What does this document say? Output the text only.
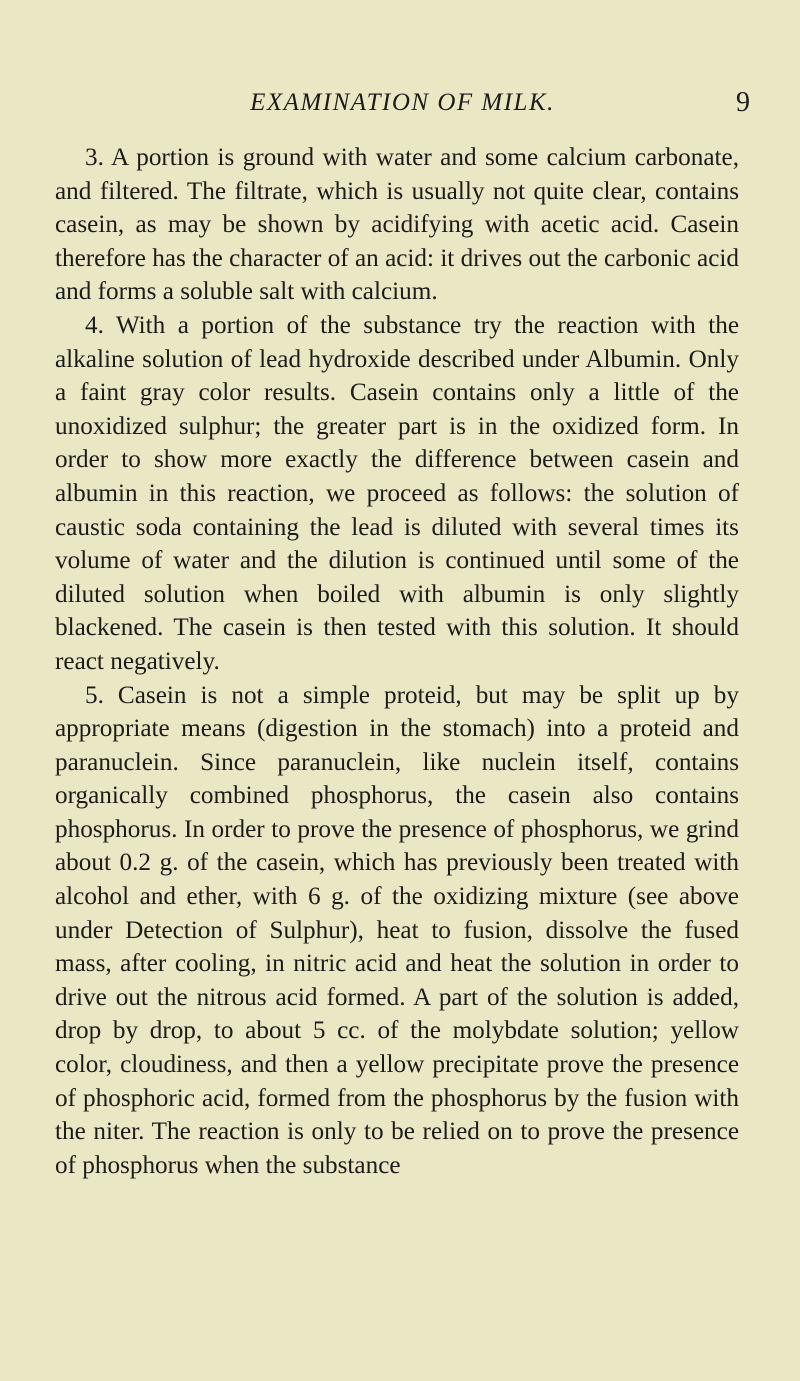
EXAMINATION OF MILK.	9

3. A portion is ground with water and some calcium carbonate, and filtered. The filtrate, which is usually not quite clear, contains casein, as may be shown by acidifying with acetic acid. Casein therefore has the character of an acid: it drives out the carbonic acid and forms a soluble salt with calcium.

4. With a portion of the substance try the reaction with the alkaline solution of lead hydroxide described under Albumin. Only a faint gray color results. Casein contains only a little of the unoxidized sulphur; the greater part is in the oxidized form. In order to show more exactly the difference between casein and albumin in this reaction, we proceed as follows: the solution of caustic soda containing the lead is diluted with several times its volume of water and the dilution is continued until some of the diluted solution when boiled with albumin is only slightly blackened. The casein is then tested with this solution. It should react negatively.

5. Casein is not a simple proteid, but may be split up by appropriate means (digestion in the stomach) into a proteid and paranuclein. Since paranuclein, like nuclein itself, contains organically combined phosphorus, the casein also contains phosphorus. In order to prove the presence of phosphorus, we grind about 0.2 g. of the casein, which has previously been treated with alcohol and ether, with 6 g. of the oxidizing mixture (see above under Detection of Sulphur), heat to fusion, dissolve the fused mass, after cooling, in nitric acid and heat the solution in order to drive out the nitrous acid formed. A part of the solution is added, drop by drop, to about 5 cc. of the molybdate solution; yellow color, cloudiness, and then a yellow precipitate prove the presence of phosphoric acid, formed from the phosphorus by the fusion with the niter. The reaction is only to be relied on to prove the presence of phosphorus when the substance
